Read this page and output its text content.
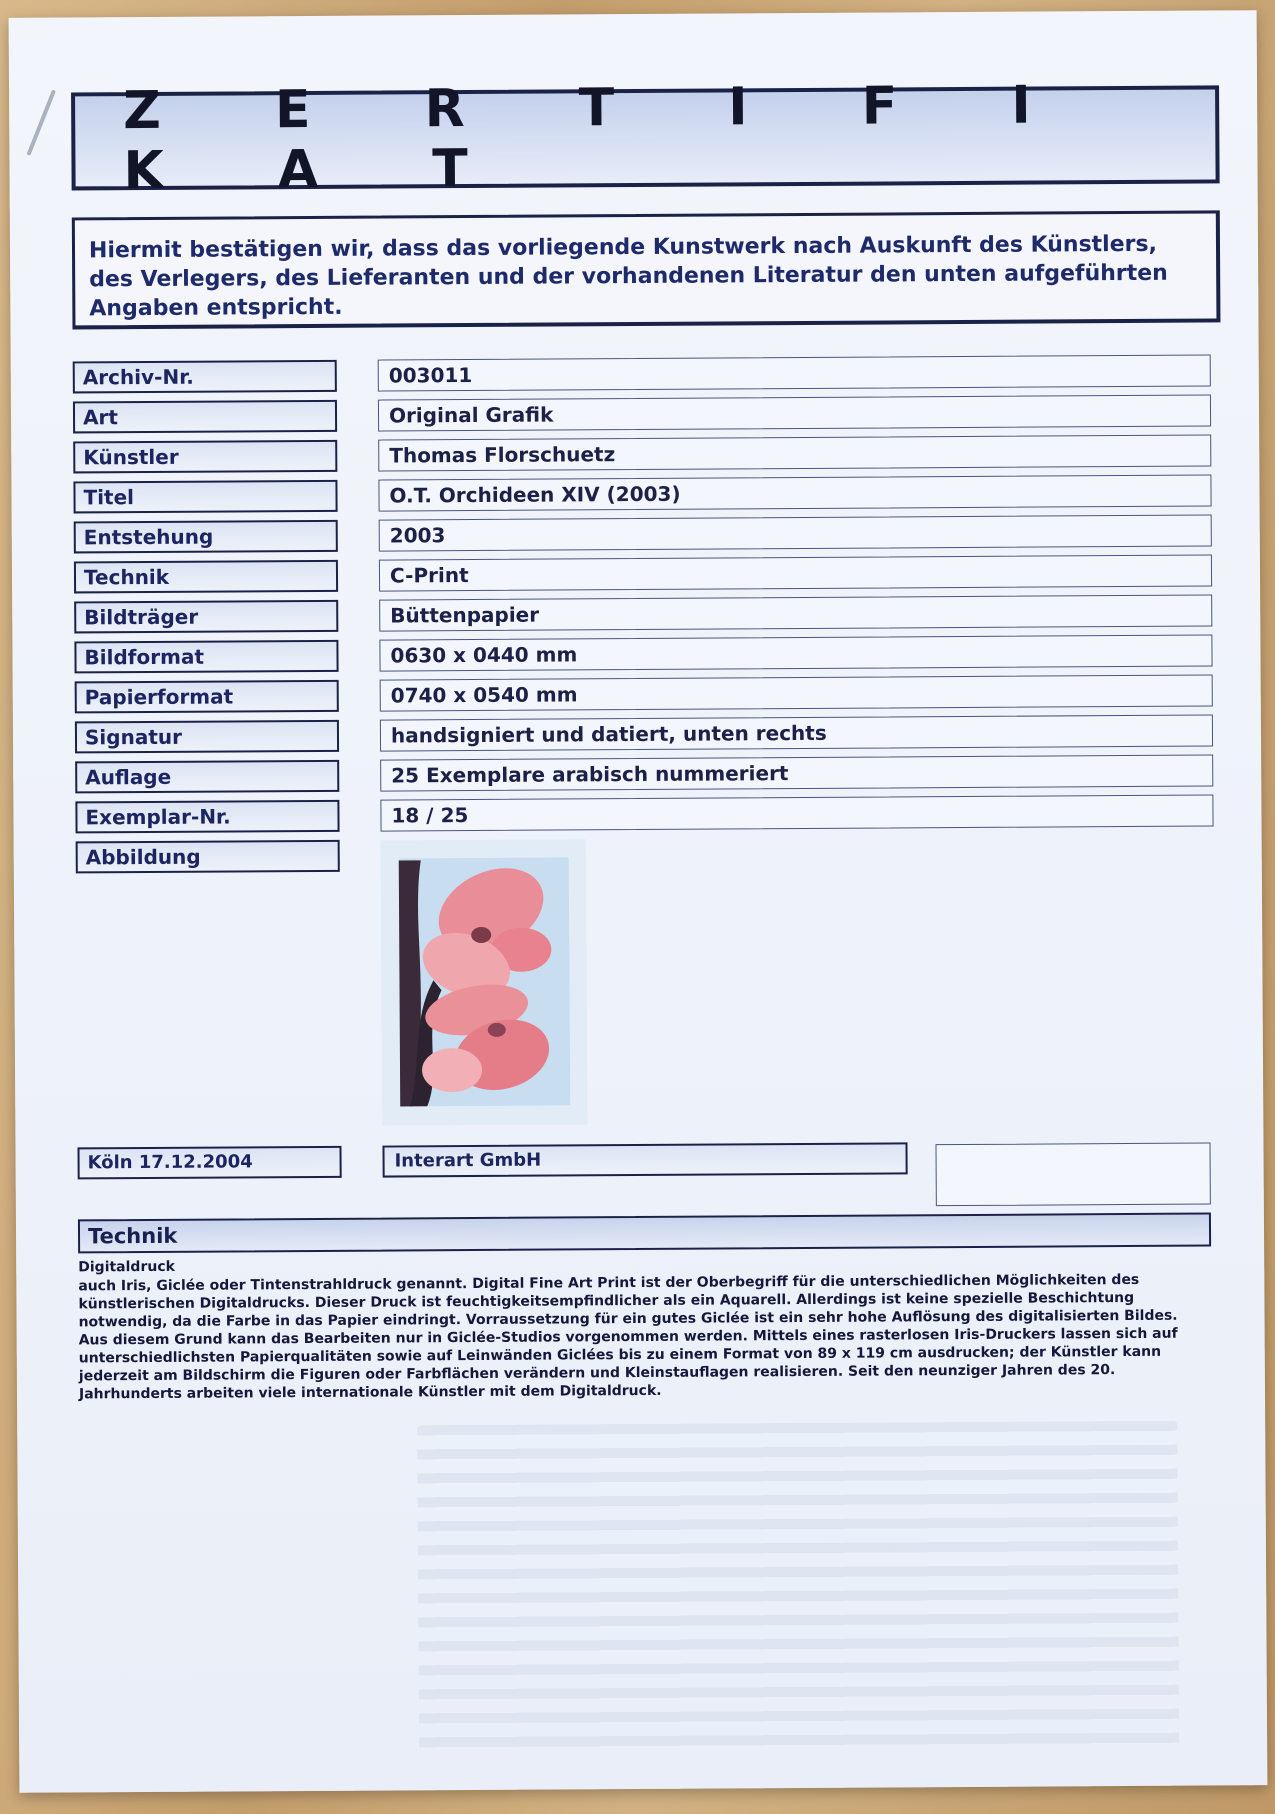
Z E R T I F I K A T
Hiermit bestätigen wir, dass das vorliegende Kunstwerk nach Auskunft des Künstlers, des Verlegers, des Lieferanten und der vorhandenen Literatur den unten aufgeführten Angaben entspricht.
Archiv-Nr.	003011
Art	Original Grafik
Künstler	Thomas Florschuetz
Titel	O.T. Orchideen XIV (2003)
Entstehung	2003
Technik	C-Print
Bildträger	Büttenpapier
Bildformat	0630 x 0440 mm
Papierformat	0740 x 0540 mm
Signatur	handsigniert und datiert, unten rechts
Auflage	25 Exemplare arabisch nummeriert
Exemplar-Nr.	18 / 25
Abbildung
Köln 17.12.2004	Interart GmbH
Technik
Digitaldruck
auch Iris, Giclée oder Tintenstrahldruck genannt. Digital Fine Art Print ist der Oberbegriff für die unterschiedlichen Möglichkeiten des künstlerischen Digitaldrucks. Dieser Druck ist feuchtigkeitsempfindlicher als ein Aquarell. Allerdings ist keine spezielle Beschichtung notwendig, da die Farbe in das Papier eindringt. Vorraussetzung für ein gutes Giclée ist ein sehr hohe Auflösung des digitalisierten Bildes. Aus diesem Grund kann das Bearbeiten nur in Giclée-Studios vorgenommen werden. Mittels eines rasterlosen Iris-Druckers lassen sich auf unterschiedlichsten Papierqualitäten sowie auf Leinwänden Giclées bis zu einem Format von 89 x 119 cm ausdrucken; der Künstler kann jederzeit am Bildschirm die Figuren oder Farbflächen verändern und Kleinstauflagen realisieren. Seit den neunziger Jahren des 20. Jahrhunderts arbeiten viele internationale Künstler mit dem Digitaldruck.
